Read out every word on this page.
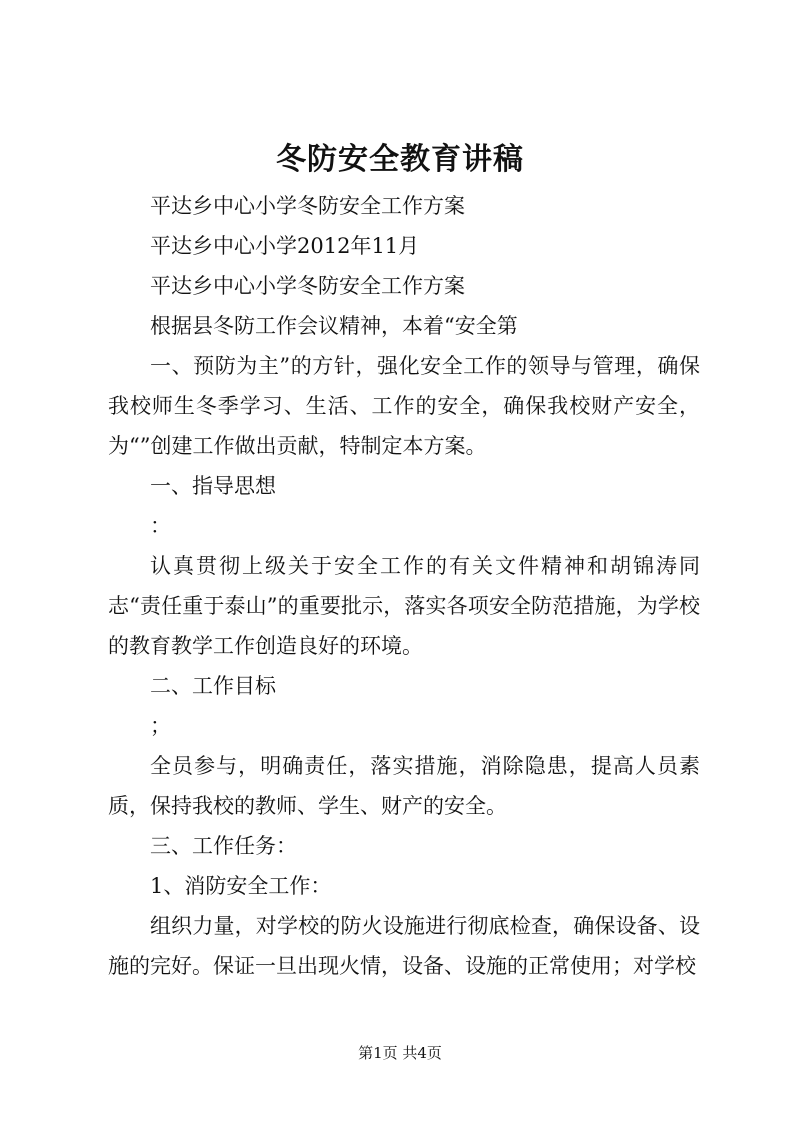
冬防安全教育讲稿

平达乡中心小学冬防安全工作方案

平达乡中心小学2012年11月

平达乡中心小学冬防安全工作方案

根据县冬防工作会议精神，本着“安全第

一、预防为主”的方针，强化安全工作的领导与管理，确保我校师生冬季学习、生活、工作的安全，确保我校财产安全，为“”创建工作做出贡献，特制定本方案。

一、指导思想

：

认真贯彻上级关于安全工作的有关文件精神和胡锦涛同志“责任重于泰山”的重要批示，落实各项安全防范措施，为学校的教育教学工作创造良好的环境。

二、工作目标

；

全员参与，明确责任，落实措施，消除隐患，提高人员素质，保持我校的教师、学生、财产的安全。

三、工作任务：

1、消防安全工作：

组织力量，对学校的防火设施进行彻底检查，确保设备、设施的完好。保证一旦出现火情，设备、设施的正常使用；对学校

第1页 共4页
